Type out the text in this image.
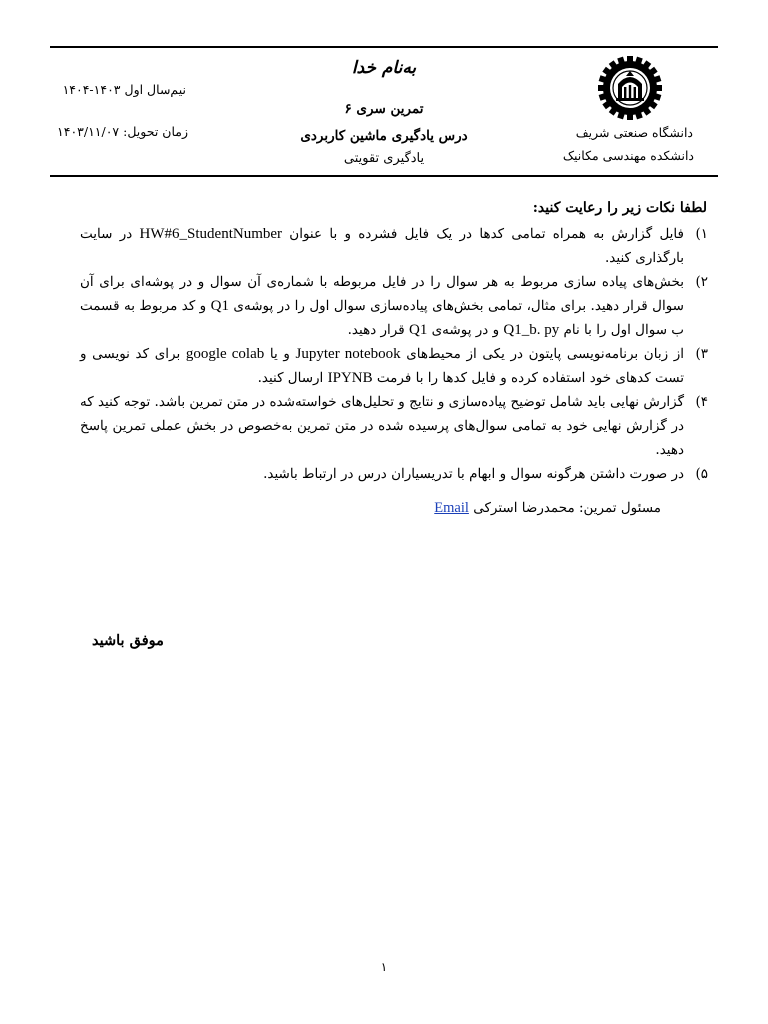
دانشگاه صنعتی شریف
دانشکده مهندسی مکانیک
به‌نام خدا
تمرین سری ۶
درس یادگیری ماشین کاربردی
یادگیری تقویتی
نیم‌سال اول ۱۴۰۳-۱۴۰۴
زمان تحویل: ۱۴۰۳/۱۱/۰۷
لطفا نکات زیر را رعایت کنید:
۱)
فایل گزارش به همراه تمامی کدها در یک فایل فشرده و با عنوان HW#6_StudentNumber در سایت بارگذاری کنید.
۲)
بخش‌های پیاده سازی مربوط به هر سوال را در فایل مربوطه با شماره‌ی آن سوال و در پوشه‌ای برای آن سوال قرار دهید. برای مثال، تمامی بخش‌های پیاده‌سازی سوال اول را در پوشه‌ی Q1 و کد مربوط به قسمت ب سوال اول را با نام Q1_b. py و در پوشه‌ی Q1 قرار دهید.
۳)
از زبان برنامه‌نویسی پایتون در یکی از محیط‌های Jupyter notebook و یا google colab برای کد نویسی و تست کدهای خود استفاده کرده و فایل کدها را با فرمت IPYNB ارسال کنید.
۴)
گزارش نهایی باید شامل توضیح پیاده‌سازی و نتایج و تحلیل‌های خواسته‌شده در متن تمرین باشد. توجه کنید که در گزارش نهایی خود به تمامی سوال‌های پرسیده شده در متن تمرین به‌خصوص در بخش عملی تمرین پاسخ دهید.
۵)
در صورت داشتن هرگونه سوال و ابهام با تدریسیاران درس در ارتباط باشید.
مسئول تمرین: محمدرضا استرکی Email
موفق باشید
۱
